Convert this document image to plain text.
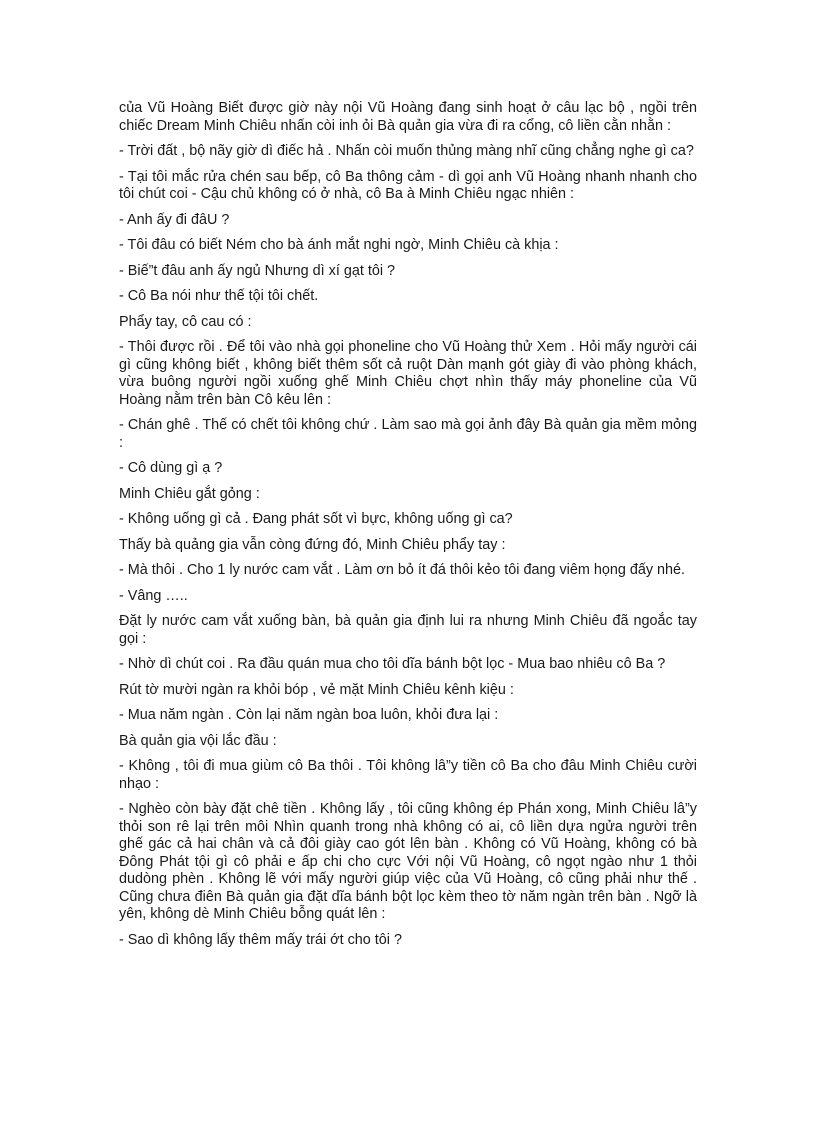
của Vũ Hoàng Biết được giờ này nội Vũ Hoàng đang sinh hoạt ở câu lạc bộ , ngồi trên chiếc Dream Minh Chiêu nhấn còi inh ỏi Bà quản gia vừa đi ra cổng, cô liền cằn nhằn :

- Trời đất , bộ nãy giờ dì điếc hả . Nhấn còi muốn thủng màng nhĩ cũng chẳng nghe gì ca?

- Tại tôi mắc rửa chén sau bếp, cô Ba thông cảm - dì gọi anh Vũ Hoàng nhanh nhanh cho tôi chút coi - Cậu chủ không có ở nhà, cô Ba à Minh Chiêu ngạc nhiên :

- Anh ấy đi đâU ?

- Tôi đâu có biết Ném cho bà ánh mắt nghi ngờ, Minh Chiêu cà khịa :

- Biế”t đâu anh ấy ngủ Nhưng dì xí gạt tôi ?

- Cô Ba nói như thế tội tôi chết.

Phẩy tay, cô cau có :

- Thôi được rồi . Để tôi vào nhà gọi phoneline cho Vũ Hoàng thử Xem . Hỏi mấy người cái gì cũng không biết , không biết thêm sốt cả ruột Dàn mạnh gót giày đi vào phòng khách, vừa buông người ngồi xuống ghế Minh Chiêu chợt nhìn thấy máy phoneline của Vũ Hoàng nằm trên bàn Cô kêu lên :

- Chán ghê . Thế có chết tôi không chứ . Làm sao mà gọi ảnh đây Bà quản gia mềm mỏng :

- Cô dùng gì ạ ?

Minh Chiêu gắt gỏng :

- Không uống gì cả . Đang phát sốt vì bực, không uống gì ca?

Thấy bà quảng gia vẫn còng đứng đó, Minh Chiêu phẩy tay :

- Mà thôi . Cho 1 ly nước cam vắt . Làm ơn bỏ ít đá thôi kẻo tôi đang viêm họng đấy nhé.

- Vâng …..

Đặt ly nước cam vắt xuống bàn, bà quản gia định lui ra nhưng Minh Chiêu đã ngoắc tay gọi :

- Nhờ dì chút coi . Ra đầu quán mua cho tôi dĩa bánh bột lọc - Mua bao nhiêu cô Ba ?

Rút tờ mười ngàn ra khỏi bóp , vẻ mặt Minh Chiêu kênh kiệu :

- Mua năm ngàn . Còn lại năm ngàn boa luôn, khỏi đưa lại :

Bà quản gia vội lắc đầu :

- Không , tôi đi mua giùm cô Ba thôi . Tôi không lâ”y tiền cô Ba cho đâu Minh Chiêu cười nhạo :

- Nghèo còn bày đặt chê tiền . Không lấy , tôi cũng không ép Phán xong, Minh Chiêu lâ”y thỏi son rê lại trên môi Nhìn quanh trong nhà không có ai, cô liền dựa ngửa người trên ghế gác cả hai chân và cả đôi giày cao gót lên bàn . Không có Vũ Hoàng, không có bà Đông Phát tội gì cô phải e ấp chi cho cực Với nội Vũ Hoàng, cô ngọt ngào như 1 thỏi dudòng phèn . Không lẽ với mấy người giúp việc của Vũ Hoàng, cô cũng phải như thế . Cũng chưa điên Bà quản gia đặt dĩa bánh bột lọc kèm theo tờ năm ngàn trên bàn . Ngỡ là yên, không dè Minh Chiêu bỗng quát lên :

- Sao dì không lấy thêm mấy trái ớt cho tôi ?
